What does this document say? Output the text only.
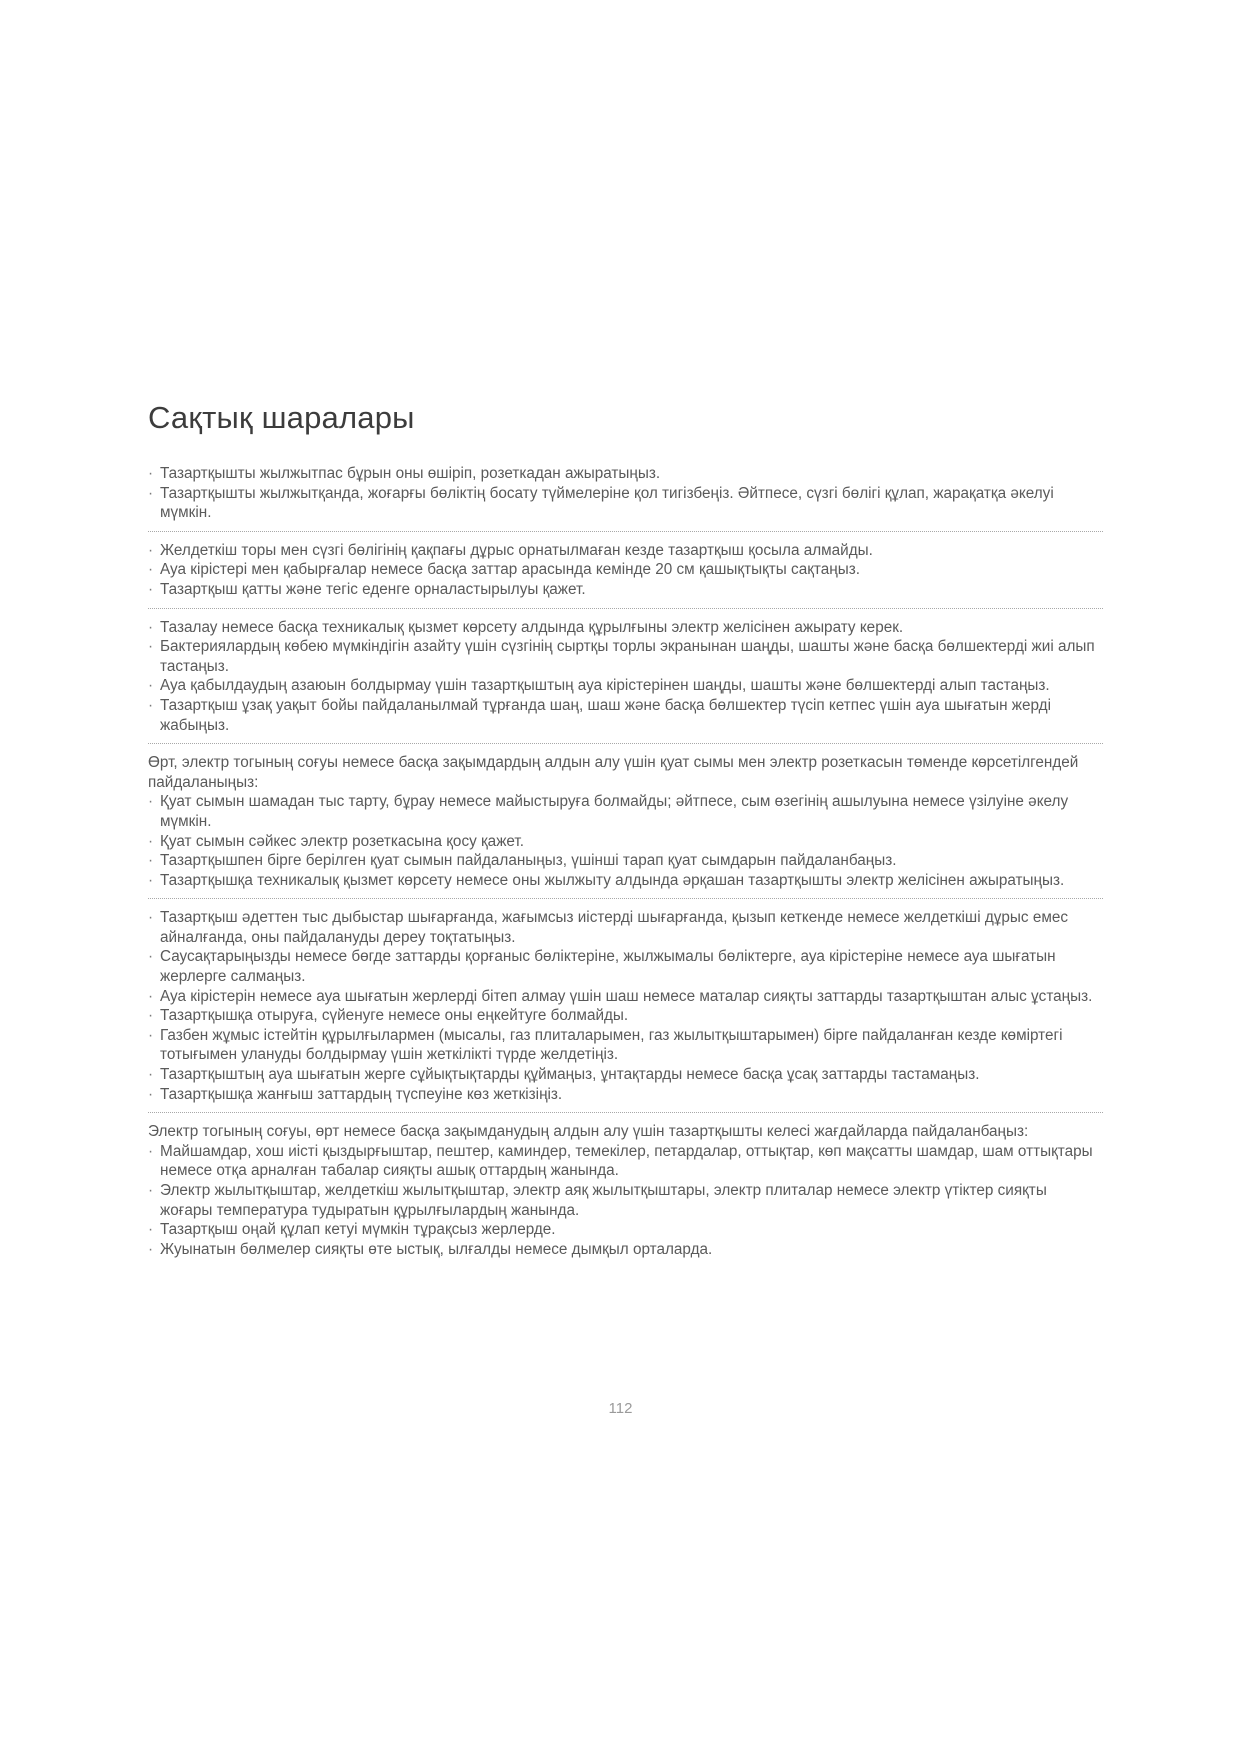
Сақтық шаралары
· Тазартқышты жылжытпас бұрын оны өшіріп, розеткадан ажыратыңыз.
· Тазартқышты жылжытқанда, жоғарғы бөліктің босату түймелеріне қол тигізбеңіз. Әйтпесе, сүзгі бөлігі құлап, жарақатқа әкелуі мүмкін.
· Желдеткіш торы мен сүзгі бөлігінің қақпағы дұрыс орнатылмаған кезде тазартқыш қосыла алмайды.
· Ауа кірістері мен қабырғалар немесе басқа заттар арасында кемінде 20 см қашықтықты сақтаңыз.
· Тазартқыш қатты және тегіс еденге орналастырылуы қажет.
· Тазалау немесе басқа техникалық қызмет көрсету алдында құрылғыны электр желісінен ажырату керек.
· Бактериялардың көбею мүмкіндігін азайту үшін сүзгінің сыртқы торлы экранынан шаңды, шашты және басқа бөлшектерді жиі алып тастаңыз.
· Ауа қабылдаудың азаюын болдырмау үшін тазартқыштың ауа кірістерінен шаңды, шашты және бөлшектерді алып тастаңыз.
· Тазартқыш ұзақ уақыт бойы пайдаланылмай тұрғанда шаң, шаш және басқа бөлшектер түсіп кетпес үшін ауа шығатын жерді жабыңыз.

Өрт, электр тогының соғуы немесе басқа зақымдардың алдын алу үшін қуат сымы мен электр розеткасын төменде көрсетілгендей пайдаланыңыз:

· Қуат сымын шамадан тыс тарту, бұрау немесе майыстыруға болмайды; әйтпесе, сым өзегінің ашылуына немесе үзілуіне әкелу мүмкін.
· Қуат сымын сәйкес электр розеткасына қосу қажет.
· Тазартқышпен бірге берілген қуат сымын пайдаланыңыз, үшінші тарап қуат сымдарын пайдаланбаңыз.
· Тазартқышқа техникалық қызмет көрсету немесе оны жылжыту алдында әрқашан тазартқышты электр желісінен ажыратыңыз.
· Тазартқыш әдеттен тыс дыбыстар шығарғанда, жағымсыз иістерді шығарғанда, қызып кеткенде немесе желдеткіші дұрыс емес айналғанда, оны пайдалануды дереу тоқтатыңыз.
· Саусақтарыңызды немесе бөгде заттарды қорғаныс бөліктеріне, жылжымалы бөліктерге, ауа кірістеріне немесе ауа шығатын жерлерге салмаңыз.
· Ауа кірістерін немесе ауа шығатын жерлерді бітеп алмау үшін шаш немесе маталар сияқты заттарды тазартқыштан алыс ұстаңыз.
· Тазартқышқа отыруға, сүйенуге немесе оны еңкейтуге болмайды.
· Газбен жұмыс істейтін құрылғылармен (мысалы, газ плиталарымен, газ жылытқыштарымен) бірге пайдаланған кезде көміртегі тотығымен улануды болдырмау үшін жеткілікті түрде желдетіңіз.
· Тазартқыштың ауа шығатын жерге сұйықтықтарды құймаңыз, ұнтақтарды немесе басқа ұсақ заттарды тастамаңыз.
· Тазартқышқа жанғыш заттардың түспеуіне көз жеткізіңіз.

Электр тогының соғуы, өрт немесе басқа зақымданудың алдын алу үшін тазартқышты келесі жағдайларда пайдаланбаңыз:

· Майшамдар, хош иісті қыздырғыштар, пештер, каминдер, темекілер, петардалар, оттықтар, көп мақсатты шамдар, шам оттықтары немесе отқа арналған табалар сияқты ашық оттардың жанында.
· Электр жылытқыштар, желдеткіш жылытқыштар, электр аяқ жылытқыштары, электр плиталар немесе электр үтіктер сияқты жоғары температура тудыратын құрылғылардың жанында.
· Тазартқыш оңай құлап кетуі мүмкін тұрақсыз жерлерде.
· Жуынатын бөлмелер сияқты өте ыстық, ылғалды немесе дымқыл орталарда.
112
